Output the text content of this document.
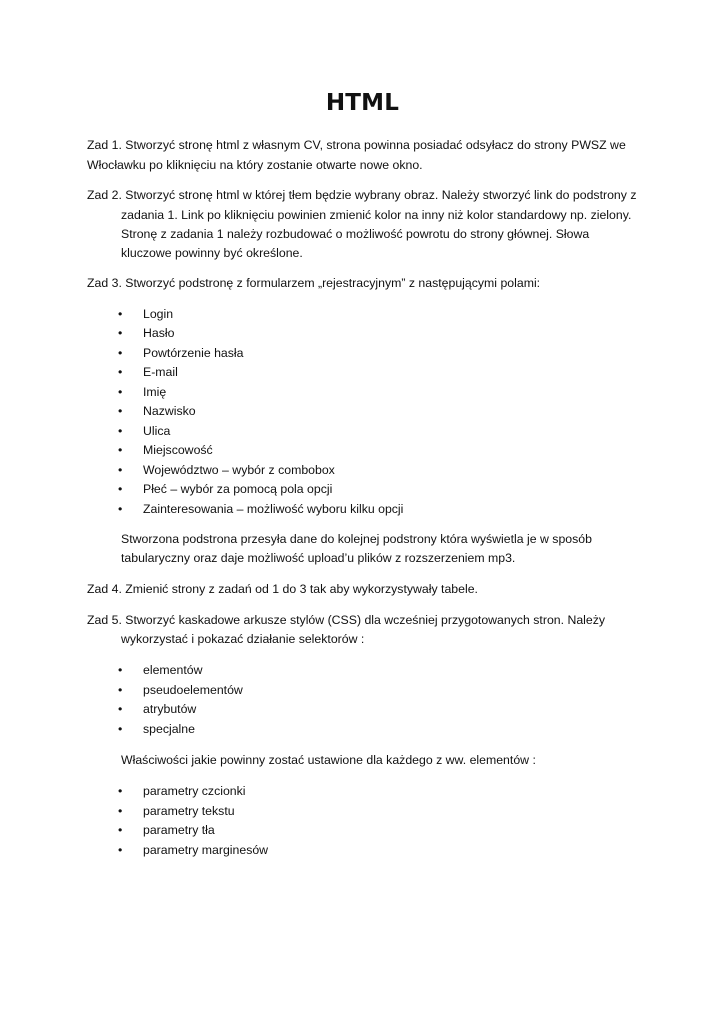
HTML
Zad 1. Stworzyć stronę html z własnym CV, strona powinna posiadać odsyłacz do strony PWSZ we
Włocławku po kliknięciu na który zostanie otwarte nowe okno.
Zad 2. Stworzyć stronę html w której tłem będzie wybrany obraz. Należy stworzyć link do podstrony z
zadania 1. Link po kliknięciu powinien zmienić kolor na inny niż kolor standardowy np. zielony.
Stronę z zadania 1 należy rozbudować o możliwość powrotu do strony głównej. Słowa
kluczowe powinny być określone.
Zad 3. Stworzyć podstronę z formularzem „rejestracyjnym” z następującymi polami:
• Login
• Hasło
• Powtórzenie hasła
• E-mail
• Imię
• Nazwisko
• Ulica
• Miejscowość
• Województwo – wybór z combobox
• Płeć – wybór za pomocą pola opcji
• Zainteresowania – możliwość wyboru kilku opcji
Stworzona podstrona przesyła dane do kolejnej podstrony która wyświetla je w sposób
tabularyczny oraz daje możliwość upload’u plików z rozszerzeniem mp3.
Zad 4. Zmienić strony z zadań od 1 do 3 tak aby wykorzystywały tabele.
Zad 5. Stworzyć kaskadowe arkusze stylów (CSS) dla wcześniej przygotowanych stron. Należy
wykorzystać i pokazać działanie selektorów :
• elementów
• pseudoelementów
• atrybutów
• specjalne
Właściwości jakie powinny zostać ustawione dla każdego z ww. elementów :
• parametry czcionki
• parametry tekstu
• parametry tła
• parametry marginesów
